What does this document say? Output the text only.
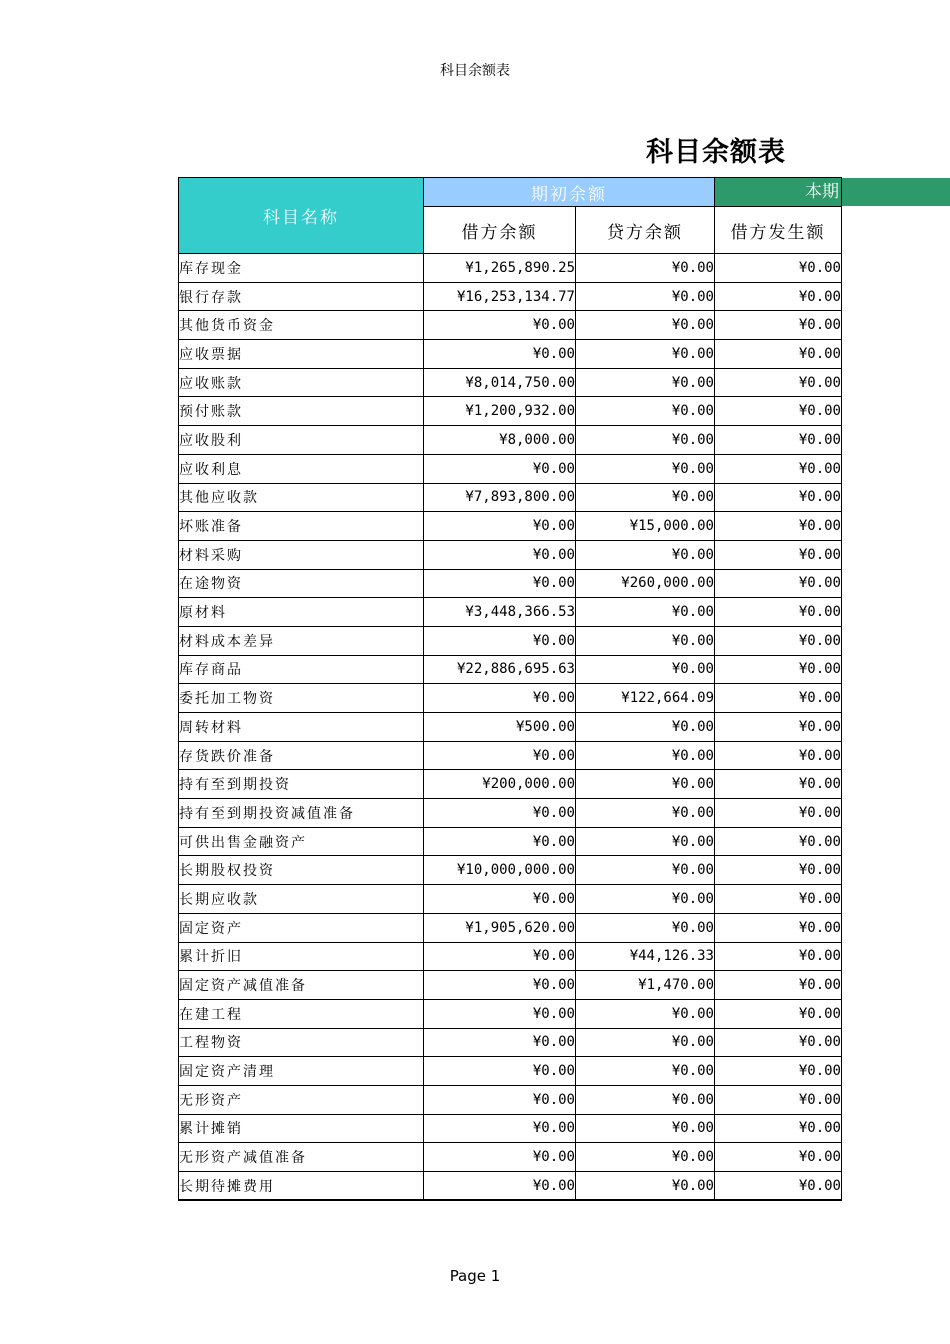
科目余额表
科目余额表
本期
科目名称	期初余额		
	借方余额	贷方余额	借方发生额
库存现金	¥1,265,890.25	¥0.00	¥0.00
银行存款	¥16,253,134.77	¥0.00	¥0.00
其他货币资金	¥0.00	¥0.00	¥0.00
应收票据	¥0.00	¥0.00	¥0.00
应收账款	¥8,014,750.00	¥0.00	¥0.00
预付账款	¥1,200,932.00	¥0.00	¥0.00
应收股利	¥8,000.00	¥0.00	¥0.00
应收利息	¥0.00	¥0.00	¥0.00
其他应收款	¥7,893,800.00	¥0.00	¥0.00
坏账准备	¥0.00	¥15,000.00	¥0.00
材料采购	¥0.00	¥0.00	¥0.00
在途物资	¥0.00	¥260,000.00	¥0.00
原材料	¥3,448,366.53	¥0.00	¥0.00
材料成本差异	¥0.00	¥0.00	¥0.00
库存商品	¥22,886,695.63	¥0.00	¥0.00
委托加工物资	¥0.00	¥122,664.09	¥0.00
周转材料	¥500.00	¥0.00	¥0.00
存货跌价准备	¥0.00	¥0.00	¥0.00
持有至到期投资	¥200,000.00	¥0.00	¥0.00
持有至到期投资减值准备	¥0.00	¥0.00	¥0.00
可供出售金融资产	¥0.00	¥0.00	¥0.00
长期股权投资	¥10,000,000.00	¥0.00	¥0.00
长期应收款	¥0.00	¥0.00	¥0.00
固定资产	¥1,905,620.00	¥0.00	¥0.00
累计折旧	¥0.00	¥44,126.33	¥0.00
固定资产减值准备	¥0.00	¥1,470.00	¥0.00
在建工程	¥0.00	¥0.00	¥0.00
工程物资	¥0.00	¥0.00	¥0.00
固定资产清理	¥0.00	¥0.00	¥0.00
无形资产	¥0.00	¥0.00	¥0.00
累计摊销	¥0.00	¥0.00	¥0.00
无形资产减值准备	¥0.00	¥0.00	¥0.00
长期待摊费用	¥0.00	¥0.00	¥0.00
Page 1
